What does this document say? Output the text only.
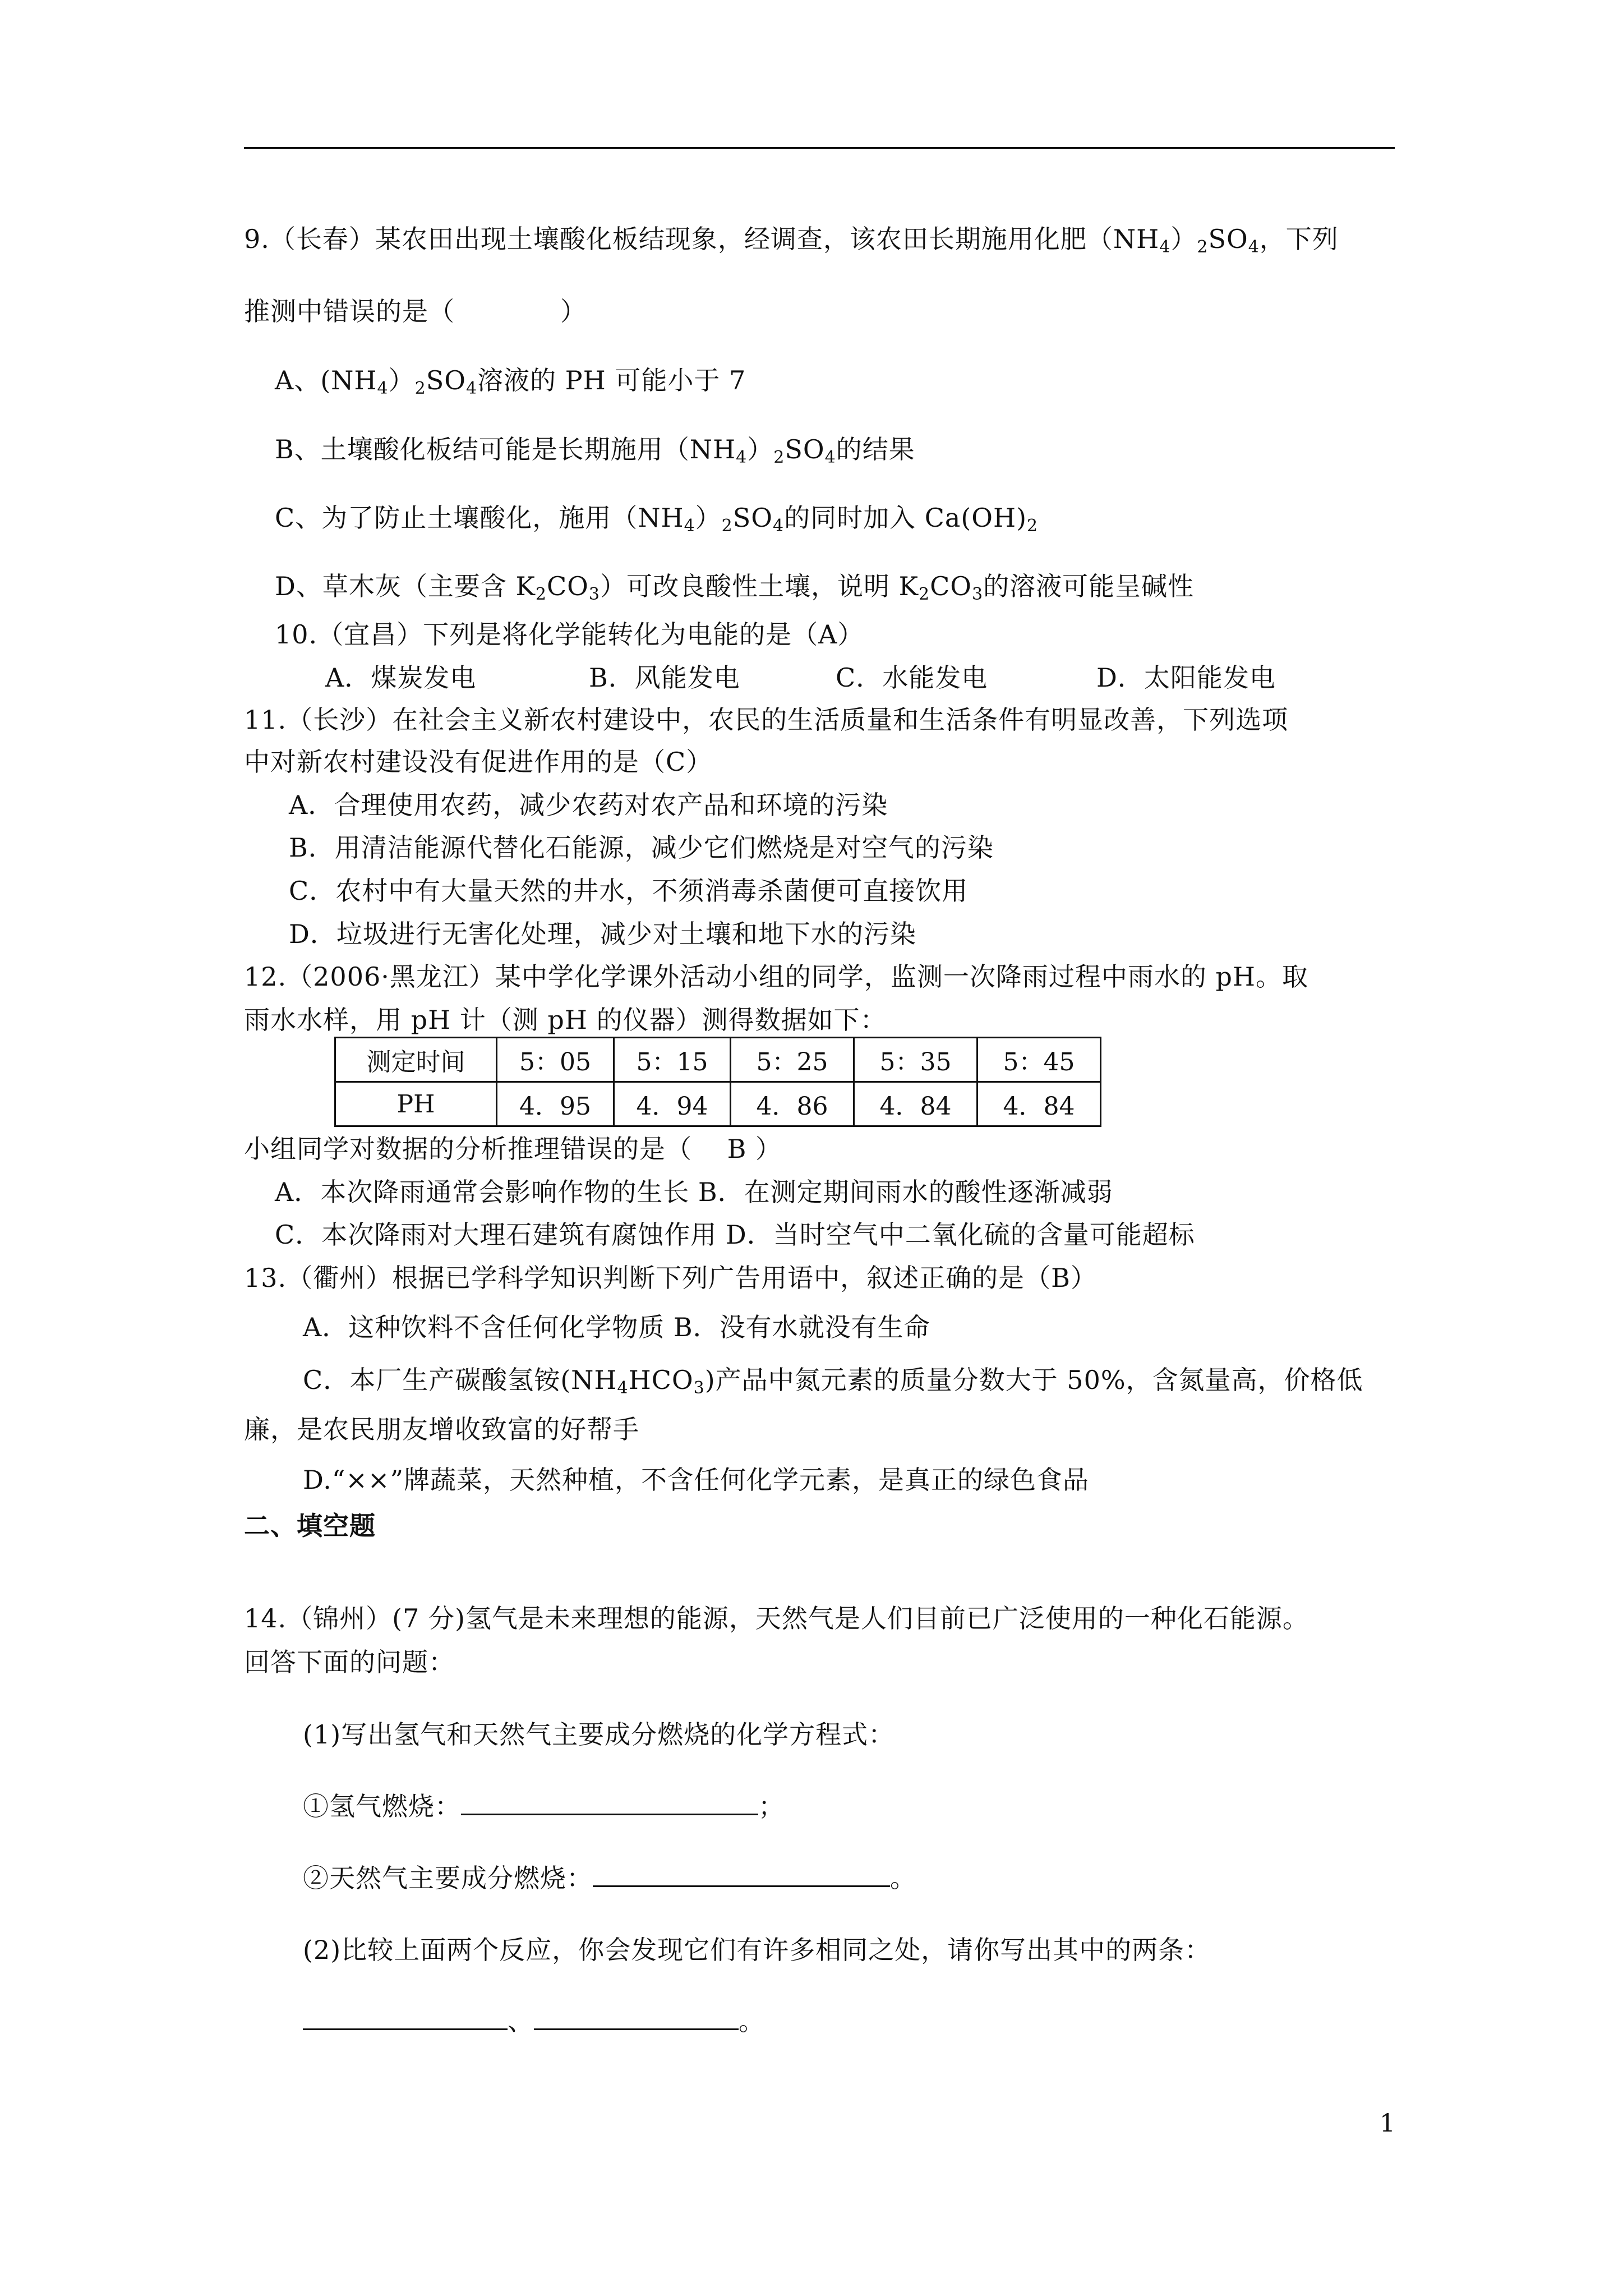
9.（长春）某农田出现土壤酸化板结现象，经调查，该农田长期施用化肥$(NH_4)_2SO_4$，下列
推测中错误的是（　　　　）
A、$(NH_4)_2SO_4$溶液的 PH 可能小于 7
B、土壤酸化板结可能是长期施用$(NH_4)_2SO_4$的结果
C、为了防止土壤酸化，施用$(NH_4)_2SO_4$的同时加入 $Ca(OH)_2$
D、草木灰（主要含 $K_2CO_3$）可改良酸性土壤，说明 $K_2CO_3$的溶液可能呈碱性
10.（宜昌）下列是将化学能转化为电能的是（A）
A．煤炭发电	B．风能发电	C．水能发电	D．太阳能发电
11.（长沙）在社会主义新农村建设中，农民的生活质量和生活条件有明显改善，下列选项
中对新农村建设没有促进作用的是（C）
A．合理使用农药，减少农药对农产品和环境的污染
B．用清洁能源代替化石能源，减少它们燃烧是对空气的污染
C．农村中有大量天然的井水，不须消毒杀菌便可直接饮用
D．垃圾进行无害化处理，减少对土壤和地下水的污染
12.（2006·黑龙江）某中学化学课外活动小组的同学，监测一次降雨过程中雨水的 pH。取
雨水水样，用 pH 计（测 pH 的仪器）测得数据如下：
测定时间	5：05	5：15	5：25	5：35	5：45
PH	4．95	4．94	4．86	4．84	4．84
小组同学对数据的分析推理错误的是（　 B ）
A．本次降雨通常会影响作物的生长 B．在测定期间雨水的酸性逐渐减弱
C．本次降雨对大理石建筑有腐蚀作用 D．当时空气中二氧化硫的含量可能超标
13.（衢州）根据已学科学知识判断下列广告用语中，叙述正确的是（B）
A．这种饮料不含任何化学物质 B．没有水就没有生命
C．本厂生产碳酸氢铵$(NH_4HCO_3)$产品中氮元素的质量分数大于 50%，含氮量高，价格低
廉，是农民朋友增收致富的好帮手
D.“××”牌蔬菜，天然种植，不含任何化学元素，是真正的绿色食品
二、填空题
14.（锦州）(7 分)氢气是未来理想的能源，天然气是人们目前已广泛使用的一种化石能源。
回答下面的问题：
(1)写出氢气和天然气主要成分燃烧的化学方程式：
①氢气燃烧：	；
②天然气主要成分燃烧：	。
(2)比较上面两个反应，你会发现它们有许多相同之处，请你写出其中的两条：
、	。
1
